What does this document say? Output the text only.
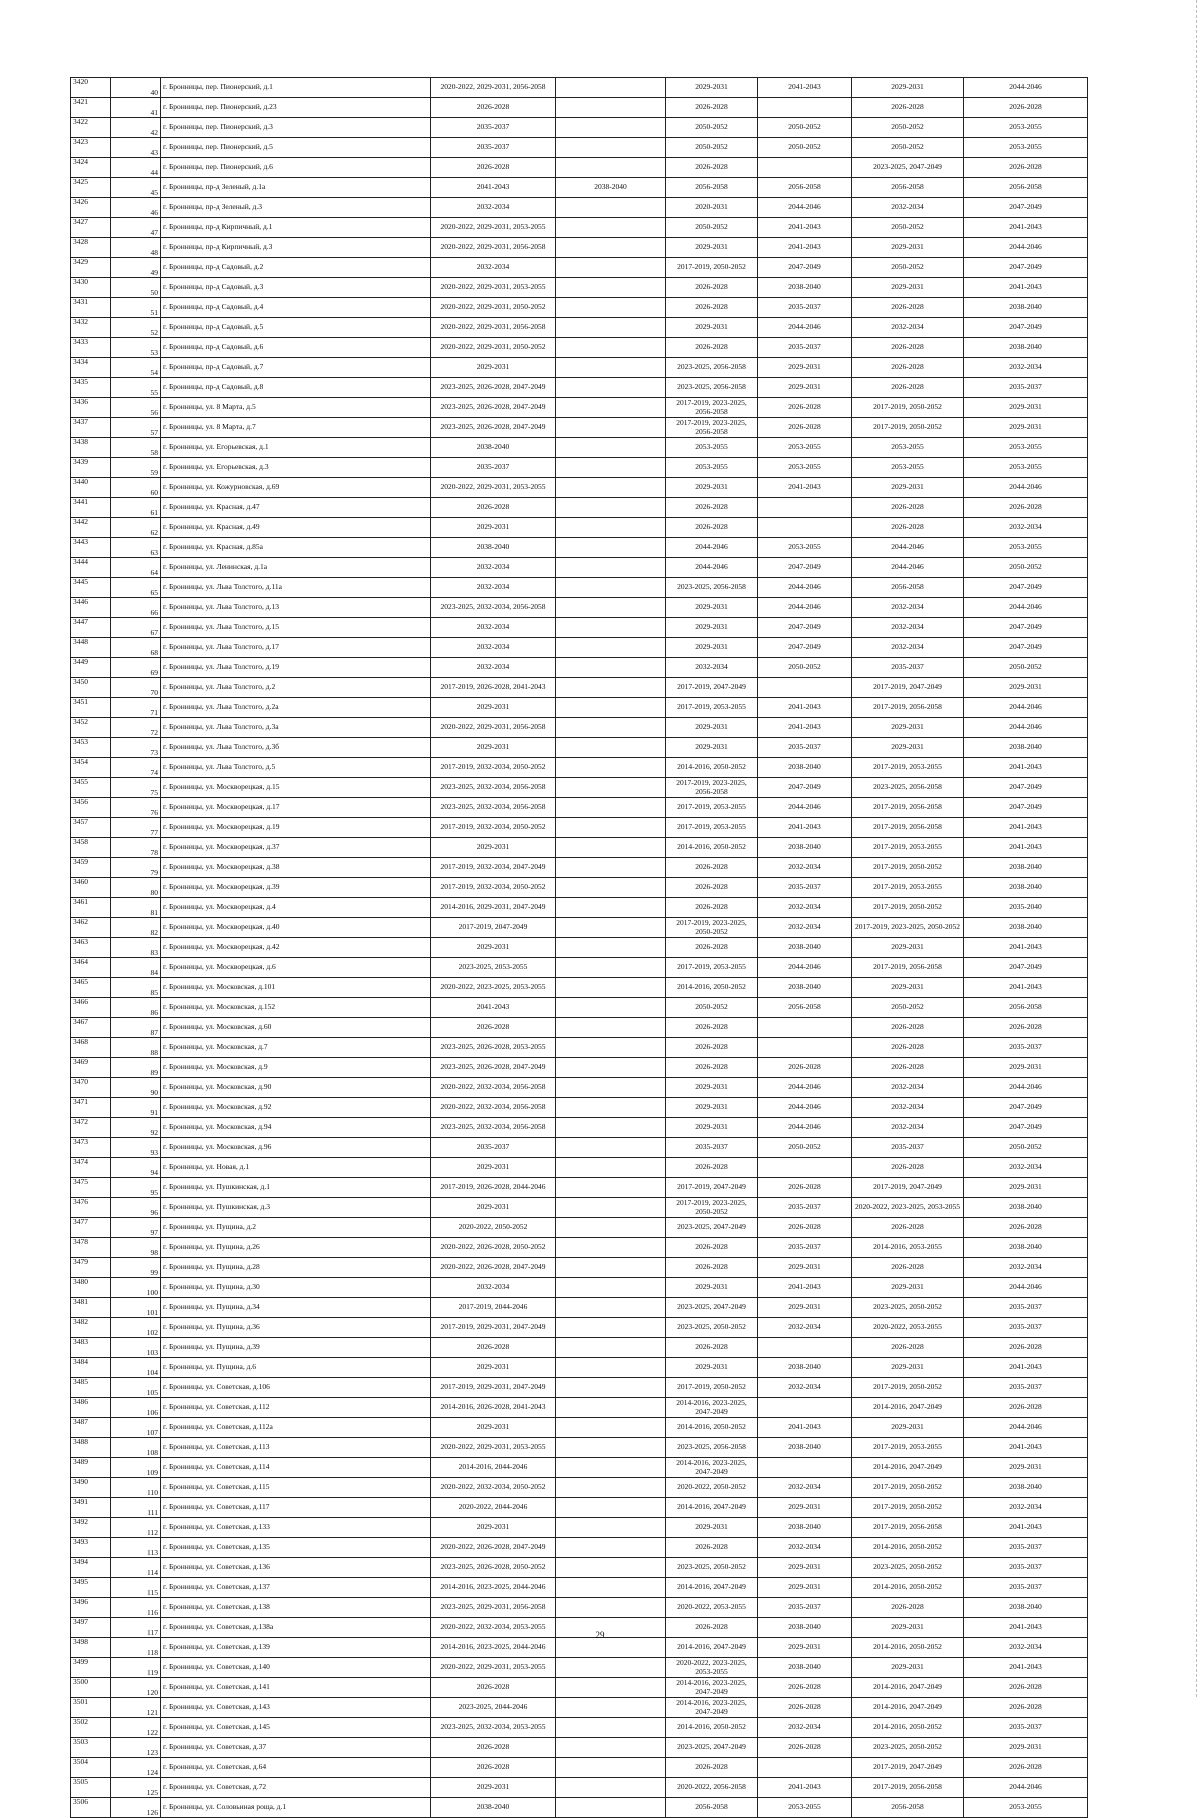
3420	40	г. Бронницы, пер. Пионерский, д.1	2020-2022, 2029-2031, 2056-2058		2029-2031	2041-2043	2029-2031	2044-2046
3421	41	г. Бронницы, пер. Пионерский, д.23	2026-2028		2026-2028		2026-2028	2026-2028
3422	42	г. Бронницы, пер. Пионерский, д.3	2035-2037		2050-2052	2050-2052	2050-2052	2053-2055
3423	43	г. Бронницы, пер. Пионерский, д.5	2035-2037		2050-2052	2050-2052	2050-2052	2053-2055
3424	44	г. Бронницы, пер. Пионерский, д.6	2026-2028		2026-2028		2023-2025, 2047-2049	2026-2028
3425	45	г. Бронницы, пр-д Зеленый, д.1а	2041-2043	2038-2040	2056-2058	2056-2058	2056-2058	2056-2058
3426	46	г. Бронницы, пр-д Зеленый, д.3	2032-2034		2020-2031	2044-2046	2032-2034	2047-2049
3427	47	г. Бронницы, пр-д Кирпичный, д.1	2020-2022, 2029-2031, 2053-2055		2050-2052	2041-2043	2050-2052	2041-2043
3428	48	г. Бронницы, пр-д Кирпичный, д.3	2020-2022, 2029-2031, 2056-2058		2029-2031	2041-2043	2029-2031	2044-2046
3429	49	г. Бронницы, пр-д Садовый, д.2	2032-2034		2017-2019, 2050-2052	2047-2049	2050-2052	2047-2049
3430	50	г. Бронницы, пр-д Садовый, д.3	2020-2022, 2029-2031, 2053-2055		2026-2028	2038-2040	2029-2031	2041-2043
3431	51	г. Бронницы, пр-д Садовый, д.4	2020-2022, 2029-2031, 2050-2052		2026-2028	2035-2037	2026-2028	2038-2040
3432	52	г. Бронницы, пр-д Садовый, д.5	2020-2022, 2029-2031, 2056-2058		2029-2031	2044-2046	2032-2034	2047-2049
3433	53	г. Бронницы, пр-д Садовый, д.6	2020-2022, 2029-2031, 2050-2052		2026-2028	2035-2037	2026-2028	2038-2040
3434	54	г. Бронницы, пр-д Садовый, д.7	2029-2031		2023-2025, 2056-2058	2029-2031	2026-2028	2032-2034
3435	55	г. Бронницы, пр-д Садовый, д.8	2023-2025, 2026-2028, 2047-2049		2023-2025, 2056-2058	2029-2031	2026-2028	2035-2037
3436	56	г. Бронницы, ул. 8 Марта, д.5	2023-2025, 2026-2028, 2047-2049		2017-2019, 2023-2025, 2056-2058	2026-2028	2017-2019, 2050-2052	2029-2031
3437	57	г. Бронницы, ул. 8 Марта, д.7	2023-2025, 2026-2028, 2047-2049		2017-2019, 2023-2025, 2056-2058	2026-2028	2017-2019, 2050-2052	2029-2031
3438	58	г. Бронницы, ул. Егорьевская, д.1	2038-2040		2053-2055	2053-2055	2053-2055	2053-2055
3439	59	г. Бронницы, ул. Егорьевская, д.3	2035-2037		2053-2055	2053-2055	2053-2055	2053-2055
3440	60	г. Бронницы, ул. Кожурновская, д.69	2020-2022, 2029-2031, 2053-2055		2029-2031	2041-2043	2029-2031	2044-2046
3441	61	г. Бронницы, ул. Красная, д.47	2026-2028		2026-2028		2026-2028	2026-2028
3442	62	г. Бронницы, ул. Красная, д.49	2029-2031		2026-2028		2026-2028	2032-2034
3443	63	г. Бронницы, ул. Красная, д.85а	2038-2040		2044-2046	2053-2055	2044-2046	2053-2055
3444	64	г. Бронницы, ул. Ленинская, д.1а	2032-2034		2044-2046	2047-2049	2044-2046	2050-2052
3445	65	г. Бронницы, ул. Льва Толстого, д.11а	2032-2034		2023-2025, 2056-2058	2044-2046	2056-2058	2047-2049
3446	66	г. Бронницы, ул. Льва Толстого, д.13	2023-2025, 2032-2034, 2056-2058		2029-2031	2044-2046	2032-2034	2044-2046
3447	67	г. Бронницы, ул. Льва Толстого, д.15	2032-2034		2029-2031	2047-2049	2032-2034	2047-2049
3448	68	г. Бронницы, ул. Льва Толстого, д.17	2032-2034		2029-2031	2047-2049	2032-2034	2047-2049
3449	69	г. Бронницы, ул. Льва Толстого, д.19	2032-2034		2032-2034	2050-2052	2035-2037	2050-2052
3450	70	г. Бронницы, ул. Льва Толстого, д.2	2017-2019, 2026-2028, 2041-2043		2017-2019, 2047-2049		2017-2019, 2047-2049	2029-2031
3451	71	г. Бронницы, ул. Льва Толстого, д.2а	2029-2031		2017-2019, 2053-2055	2041-2043	2017-2019, 2056-2058	2044-2046
3452	72	г. Бронницы, ул. Льва Толстого, д.3а	2020-2022, 2029-2031, 2056-2058		2029-2031	2041-2043	2029-2031	2044-2046
3453	73	г. Бронницы, ул. Льва Толстого, д.3б	2029-2031		2029-2031	2035-2037	2029-2031	2038-2040
3454	74	г. Бронницы, ул. Льва Толстого, д.5	2017-2019, 2032-2034, 2050-2052		2014-2016, 2050-2052	2038-2040	2017-2019, 2053-2055	2041-2043
3455	75	г. Бронницы, ул. Москворецкая, д.15	2023-2025, 2032-2034, 2056-2058		2017-2019, 2023-2025, 2056-2058	2047-2049	2023-2025, 2056-2058	2047-2049
3456	76	г. Бронницы, ул. Москворецкая, д.17	2023-2025, 2032-2034, 2056-2058		2017-2019, 2053-2055	2044-2046	2017-2019, 2056-2058	2047-2049
3457	77	г. Бронницы, ул. Москворецкая, д.19	2017-2019, 2032-2034, 2050-2052		2017-2019, 2053-2055	2041-2043	2017-2019, 2056-2058	2041-2043
3458	78	г. Бронницы, ул. Москворецкая, д.37	2029-2031		2014-2016, 2050-2052	2038-2040	2017-2019, 2053-2055	2041-2043
3459	79	г. Бронницы, ул. Москворецкая, д.38	2017-2019, 2032-2034, 2047-2049		2026-2028	2032-2034	2017-2019, 2050-2052	2038-2040
3460	80	г. Бронницы, ул. Москворецкая, д.39	2017-2019, 2032-2034, 2050-2052		2026-2028	2035-2037	2017-2019, 2053-2055	2038-2040
3461	81	г. Бронницы, ул. Москворецкая, д.4	2014-2016, 2029-2031, 2047-2049		2026-2028	2032-2034	2017-2019, 2050-2052	2035-2040
3462	82	г. Бронницы, ул. Москворецкая, д.40	2017-2019, 2047-2049		2017-2019, 2023-2025, 2050-2052	2032-2034	2017-2019, 2023-2025, 2050-2052	2038-2040
3463	83	г. Бронницы, ул. Москворецкая, д.42	2029-2031		2026-2028	2038-2040	2029-2031	2041-2043
3464	84	г. Бронницы, ул. Москворецкая, д.6	2023-2025, 2053-2055		2017-2019, 2053-2055	2044-2046	2017-2019, 2056-2058	2047-2049
3465	85	г. Бронницы, ул. Московская, д.101	2020-2022, 2023-2025, 2053-2055		2014-2016, 2050-2052	2038-2040	2029-2031	2041-2043
3466	86	г. Бронницы, ул. Московская, д.152	2041-2043		2050-2052	2056-2058	2050-2052	2056-2058
3467	87	г. Бронницы, ул. Московская, д.60	2026-2028		2026-2028		2026-2028	2026-2028
3468	88	г. Бронницы, ул. Московская, д.7	2023-2025, 2026-2028, 2053-2055		2026-2028		2026-2028	2035-2037
3469	89	г. Бронницы, ул. Московская, д.9	2023-2025, 2026-2028, 2047-2049		2026-2028	2026-2028	2026-2028	2029-2031
3470	90	г. Бронницы, ул. Московская, д.90	2020-2022, 2032-2034, 2056-2058		2029-2031	2044-2046	2032-2034	2044-2046
3471	91	г. Бронницы, ул. Московская, д.92	2020-2022, 2032-2034, 2056-2058		2029-2031	2044-2046	2032-2034	2047-2049
3472	92	г. Бронницы, ул. Московская, д.94	2023-2025, 2032-2034, 2056-2058		2029-2031	2044-2046	2032-2034	2047-2049
3473	93	г. Бронницы, ул. Московская, д.96	2035-2037		2035-2037	2050-2052	2035-2037	2050-2052
3474	94	г. Бронницы, ул. Новая, д.1	2029-2031		2026-2028		2026-2028	2032-2034
3475	95	г. Бронницы, ул. Пушкинская, д.1	2017-2019, 2026-2028, 2044-2046		2017-2019, 2047-2049	2026-2028	2017-2019, 2047-2049	2029-2031
3476	96	г. Бронницы, ул. Пушкинская, д.3	2029-2031		2017-2019, 2023-2025, 2050-2052	2035-2037	2020-2022, 2023-2025, 2053-2055	2038-2040
3477	97	г. Бронницы, ул. Пущина, д.2	2020-2022, 2050-2052		2023-2025, 2047-2049	2026-2028	2026-2028	2026-2028
3478	98	г. Бронницы, ул. Пущина, д.26	2020-2022, 2026-2028, 2050-2052		2026-2028	2035-2037	2014-2016, 2053-2055	2038-2040
3479	99	г. Бронницы, ул. Пущина, д.28	2020-2022, 2026-2028, 2047-2049		2026-2028	2029-2031	2026-2028	2032-2034
3480	100	г. Бронницы, ул. Пущина, д.30	2032-2034		2029-2031	2041-2043	2029-2031	2044-2046
3481	101	г. Бронницы, ул. Пущина, д.34	2017-2019, 2044-2046		2023-2025, 2047-2049	2029-2031	2023-2025, 2050-2052	2035-2037
3482	102	г. Бронницы, ул. Пущина, д.36	2017-2019, 2029-2031, 2047-2049		2023-2025, 2050-2052	2032-2034	2020-2022, 2053-2055	2035-2037
3483	103	г. Бронницы, ул. Пущина, д.39	2026-2028		2026-2028		2026-2028	2026-2028
3484	104	г. Бронницы, ул. Пущина, д.6	2029-2031		2029-2031	2038-2040	2029-2031	2041-2043
3485	105	г. Бронницы, ул. Советская, д.106	2017-2019, 2029-2031, 2047-2049		2017-2019, 2050-2052	2032-2034	2017-2019, 2050-2052	2035-2037
3486	106	г. Бронницы, ул. Советская, д.112	2014-2016, 2026-2028, 2041-2043		2014-2016, 2023-2025, 2047-2049		2014-2016, 2047-2049	2026-2028
3487	107	г. Бронницы, ул. Советская, д.112а	2029-2031		2014-2016, 2050-2052	2041-2043	2029-2031	2044-2046
3488	108	г. Бронницы, ул. Советская, д.113	2020-2022, 2029-2031, 2053-2055		2023-2025, 2056-2058	2038-2040	2017-2019, 2053-2055	2041-2043
3489	109	г. Бронницы, ул. Советская, д.114	2014-2016, 2044-2046		2014-2016, 2023-2025, 2047-2049		2014-2016, 2047-2049	2029-2031
3490	110	г. Бронницы, ул. Советская, д.115	2020-2022, 2032-2034, 2050-2052		2020-2022, 2050-2052	2032-2034	2017-2019, 2050-2052	2038-2040
3491	111	г. Бронницы, ул. Советская, д.117	2020-2022, 2044-2046		2014-2016, 2047-2049	2029-2031	2017-2019, 2050-2052	2032-2034
3492	112	г. Бронницы, ул. Советская, д.133	2029-2031		2029-2031	2038-2040	2017-2019, 2056-2058	2041-2043
3493	113	г. Бронницы, ул. Советская, д.135	2020-2022, 2026-2028, 2047-2049		2026-2028	2032-2034	2014-2016, 2050-2052	2035-2037
3494	114	г. Бронницы, ул. Советская, д.136	2023-2025, 2026-2028, 2050-2052		2023-2025, 2050-2052	2029-2031	2023-2025, 2050-2052	2035-2037
3495	115	г. Бронницы, ул. Советская, д.137	2014-2016, 2023-2025, 2044-2046		2014-2016, 2047-2049	2029-2031	2014-2016, 2050-2052	2035-2037
3496	116	г. Бронницы, ул. Советская, д.138	2023-2025, 2029-2031, 2056-2058		2020-2022, 2053-2055	2035-2037	2026-2028	2038-2040
3497	117	г. Бронницы, ул. Советская, д.138а	2020-2022, 2032-2034, 2053-2055		2026-2028	2038-2040	2029-2031	2041-2043
3498	118	г. Бронницы, ул. Советская, д.139	2014-2016, 2023-2025, 2044-2046		2014-2016, 2047-2049	2029-2031	2014-2016, 2050-2052	2032-2034
3499	119	г. Бронницы, ул. Советская, д.140	2020-2022, 2029-2031, 2053-2055		2020-2022, 2023-2025, 2053-2055	2038-2040	2029-2031	2041-2043
3500	120	г. Бронницы, ул. Советская, д.141	2026-2028		2014-2016, 2023-2025, 2047-2049	2026-2028	2014-2016, 2047-2049	2026-2028
3501	121	г. Бронницы, ул. Советская, д.143	2023-2025, 2044-2046		2014-2016, 2023-2025, 2047-2049	2026-2028	2014-2016, 2047-2049	2026-2028
3502	122	г. Бронницы, ул. Советская, д.145	2023-2025, 2032-2034, 2053-2055		2014-2016, 2050-2052	2032-2034	2014-2016, 2050-2052	2035-2037
3503	123	г. Бронницы, ул. Советская, д.37	2026-2028		2023-2025, 2047-2049	2026-2028	2023-2025, 2050-2052	2029-2031
3504	124	г. Бронницы, ул. Советская, д.64	2026-2028		2026-2028		2017-2019, 2047-2049	2026-2028
3505	125	г. Бронницы, ул. Советская, д.72	2029-2031		2020-2022, 2056-2058	2041-2043	2017-2019, 2056-2058	2044-2046
3506	126	г. Бронницы, ул. Соловьиная роща, д.1	2038-2040		2056-2058	2053-2055	2056-2058	2053-2055
29
